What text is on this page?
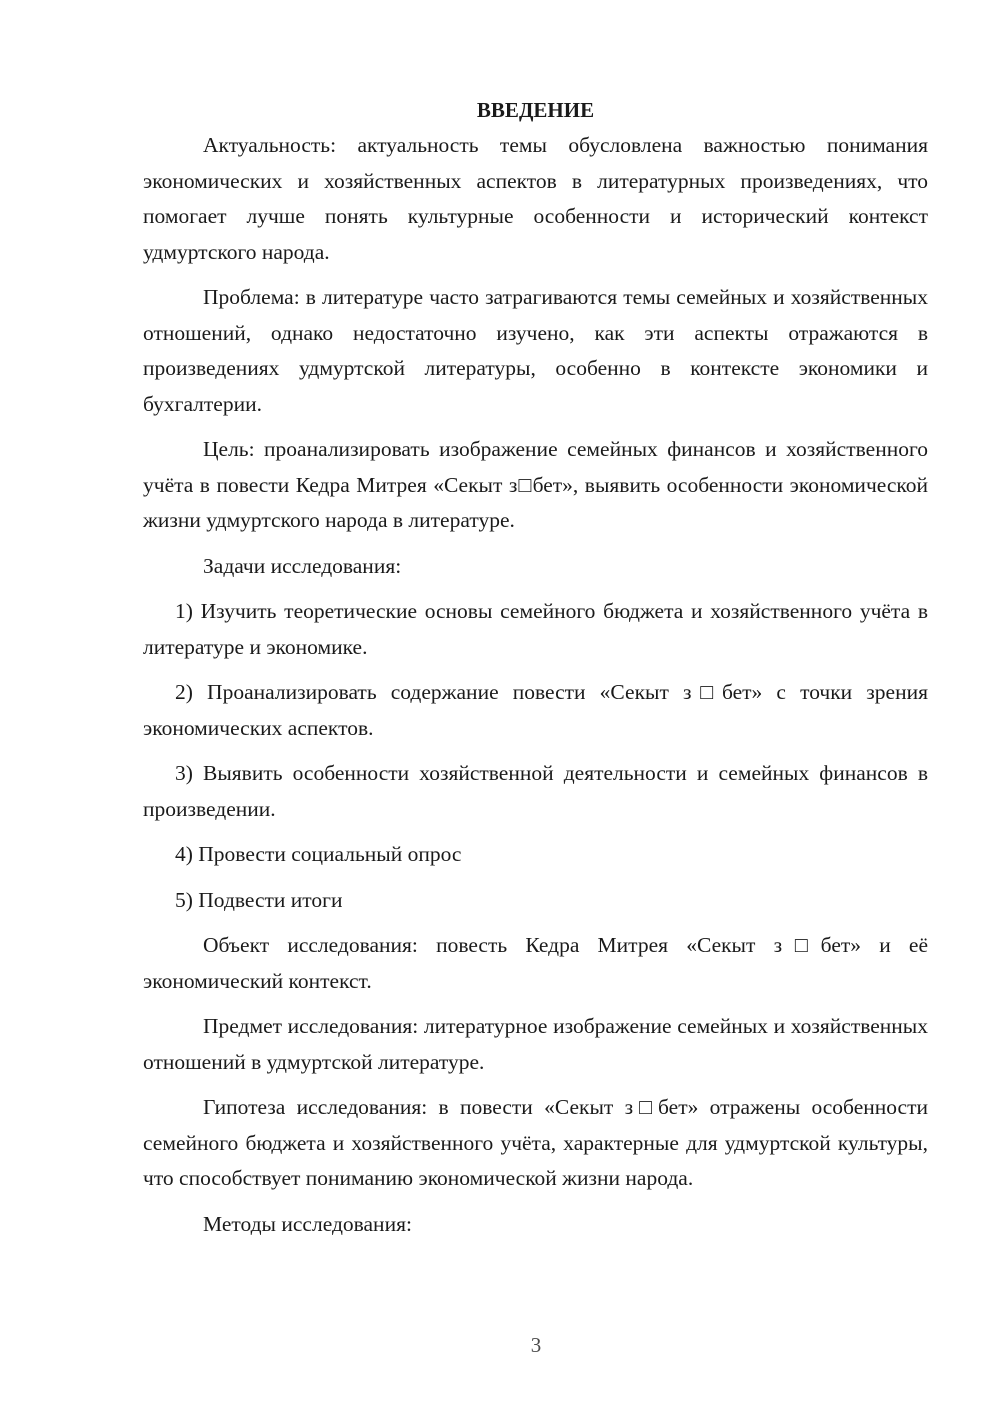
ВВЕДЕНИЕ

Актуальность: актуальность темы обусловлена важностью понимания экономических и хозяйственных аспектов в литературных произведениях, что помогает лучше понять культурные особенности и исторический контекст удмуртского народа.

Проблема: в литературе часто затрагиваются темы семейных и хозяйственных отношений, однако недостаточно изучено, как эти аспекты отражаются в произведениях удмуртской литературы, особенно в контексте экономики и бухгалтерии.

Цель: проанализировать изображение семейных финансов и хозяйственного учёта в повести Кедра Митрея «Секыт з□бет», выявить особенности экономической жизни удмуртского народа в литературе.

Задачи исследования:

1) Изучить теоретические основы семейного бюджета и хозяйственного учёта в литературе и экономике.

2) Проанализировать содержание повести «Секыт з□бет» с точки зрения экономических аспектов.

3) Выявить особенности хозяйственной деятельности и семейных финансов в произведении.

4) Провести социальный опрос

5) Подвести итоги

Объект исследования: повесть Кедра Митрея «Секыт з□бет» и её экономический контекст.

Предмет исследования: литературное изображение семейных и хозяйственных отношений в удмуртской литературе.

Гипотеза исследования: в повести «Секыт з□бет» отражены особенности семейного бюджета и хозяйственного учёта, характерные для удмуртской культуры, что способствует пониманию экономической жизни народа.

Методы исследования:

3
